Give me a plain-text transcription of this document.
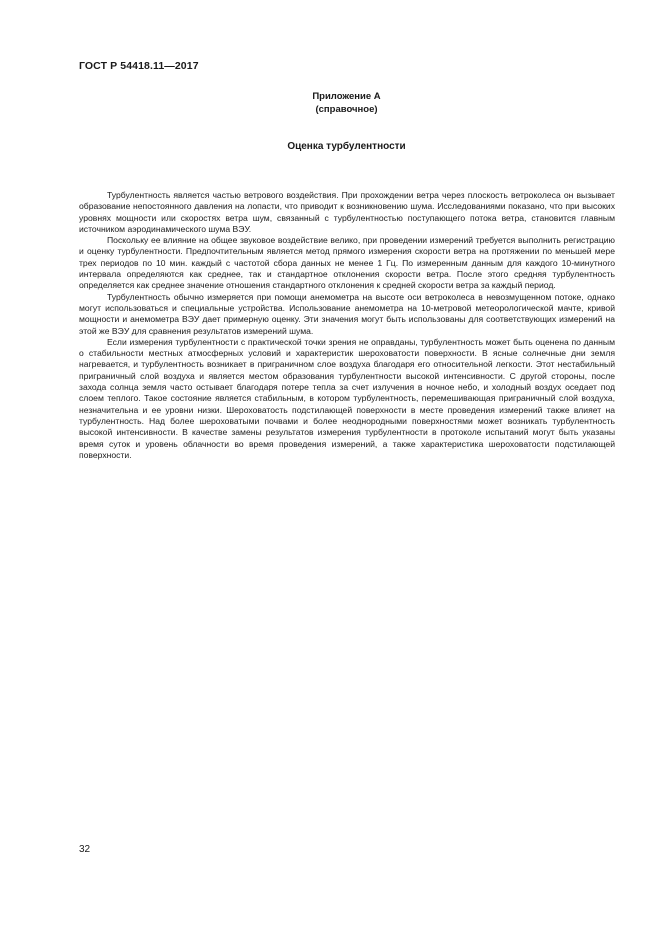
ГОСТ Р 54418.11—2017
Приложение А
(справочное)
Оценка турбулентности

Турбулентность является частью ветрового воздействия. При прохождении ветра через плоскость ветроколеса он вызывает образование непостоянного давления на лопасти, что приводит к возникновению шума. Исследованиями показано, что при высоких уровнях мощности или скоростях ветра шум, связанный с турбулентностью поступающего потока ветра, становится главным источником аэродинамического шума ВЭУ.

Поскольку ее влияние на общее звуковое воздействие велико, при проведении измерений требуется выполнить регистрацию и оценку турбулентности. Предпочтительным является метод прямого измерения скорости ветра на протяжении по меньшей мере трех периодов по 10 мин. каждый с частотой сбора данных не менее 1 Гц. По измеренным данным для каждого 10-минутного интервала определяются как среднее, так и стандартное отклонения скорости ветра. После этого средняя турбулентность определяется как среднее значение отношения стандартного отклонения к средней скорости ветра за каждый период.

Турбулентность обычно измеряется при помощи анемометра на высоте оси ветроколеса в невозмущенном потоке, однако могут использоваться и специальные устройства. Использование анемометра на 10-метровой метеорологической мачте, кривой мощности и анемометра ВЭУ дает примерную оценку. Эти значения могут быть использованы для соответствующих измерений на этой же ВЭУ для сравнения результатов измерений шума.

Если измерения турбулентности с практической точки зрения не оправданы, турбулентность может быть оценена по данным о стабильности местных атмосферных условий и характеристик шероховатости поверхности. В ясные солнечные дни земля нагревается, и турбулентность возникает в приграничном слое воздуха благодаря его относительной легкости. Этот нестабильный приграничный слой воздуха и является местом образования турбулентности высокой интенсивности. С другой стороны, после захода солнца земля часто остывает благодаря потере тепла за счет излучения в ночное небо, и холодный воздух оседает под слоем теплого. Такое состояние является стабильным, в котором турбулентность, перемешивающая приграничный слой воздуха, незначительна и ее уровни низки. Шероховатость подстилающей поверхности в месте проведения измерений также влияет на турбулентность. Над более шероховатыми почвами и более неоднородными поверхностями может возникать турбулентность высокой интенсивности. В качестве замены результатов измерения турбулентности в протоколе испытаний могут быть указаны время суток и уровень облачности во время проведения измерений, а также характеристика шероховатости подстилающей поверхности.

32
